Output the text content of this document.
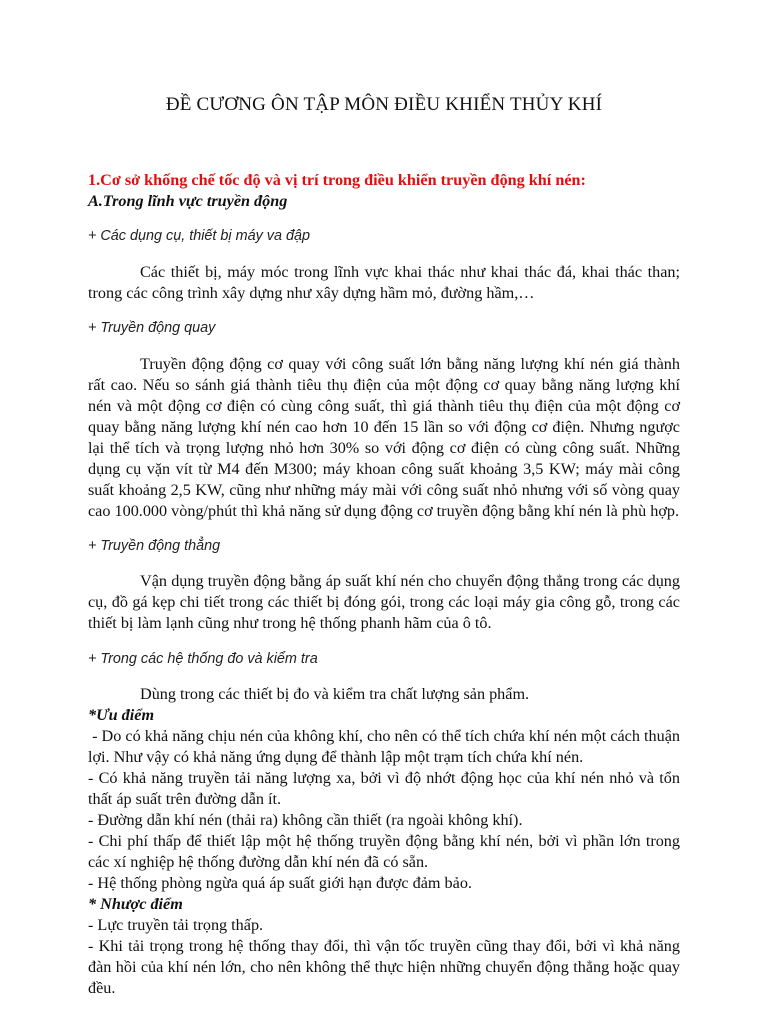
ĐỀ CƯƠNG ÔN TẬP MÔN ĐIỀU KHIỂN THỦY KHÍ

1.Cơ sở khống chế tốc độ và vị trí trong điều khiển truyền động khí nén:

A.Trong lĩnh vực truyền động

+ Các dụng cụ, thiết bị máy va đập

Các thiết bị, máy móc trong lĩnh vực khai thác như khai thác đá, khai thác than; trong các công trình xây dựng như xây dựng hầm mỏ, đường hầm,…

+ Truyền động quay

Truyền động động cơ quay với công suất lớn bằng năng lượng khí nén giá thành rất cao. Nếu so sánh giá thành tiêu thụ điện của một động cơ quay bằng năng lượng khí nén và một động cơ điện có cùng công suất, thì giá thành tiêu thụ điện của một động cơ quay bằng năng lượng khí nén cao hơn 10 đến 15 lần so với động cơ điện. Nhưng ngược lại thể tích và trọng lượng nhỏ hơn 30% so với động cơ điện có cùng công suất. Những dụng cụ vặn vít từ M4 đến M300; máy khoan công suất khoảng 3,5 KW; máy mài công suất khoảng 2,5 KW, cũng như những máy mài với công suất nhỏ nhưng với số vòng quay cao 100.000 vòng/phút thì khả năng sử dụng động cơ truyền động bằng khí nén là phù hợp.

+ Truyền động thẳng

Vận dụng truyền động bằng áp suất khí nén cho chuyển động thẳng trong các dụng cụ, đồ gá kẹp chi tiết trong các thiết bị đóng gói, trong các loại máy gia công gỗ, trong các thiết bị làm lạnh cũng như trong hệ thống phanh hãm của ô tô.

+ Trong các hệ thống đo và kiểm tra

Dùng trong các thiết bị đo và kiểm tra chất lượng sản phẩm.

*Ưu điểm

- Do có khả năng chịu nén của không khí, cho nên có thể tích chứa khí nén một cách thuận lợi. Như vậy có khả năng ứng dụng để thành lập một trạm tích chứa khí nén.

- Có khả năng truyền tải năng lượng xa, bởi vì độ nhớt động học của khí nén nhỏ và tổn thất áp suất trên đường dẫn ít.

- Đường dẫn khí nén (thải ra) không cần thiết (ra ngoài không khí).

- Chi phí thấp để thiết lập một hệ thống truyền động bằng khí nén, bởi vì phần lớn trong các xí nghiệp hệ thống đường dẫn khí nén đã có sẵn.

- Hệ thống phòng ngừa quá áp suất giới hạn được đảm bảo.

* Nhược điểm

- Lực truyền tải trọng thấp.

- Khi tải trọng trong hệ thống thay đổi, thì vận tốc truyền cũng thay đổi, bởi vì khả năng đàn hồi của khí nén lớn, cho nên không thể thực hiện những chuyển động thẳng hoặc quay đều.
